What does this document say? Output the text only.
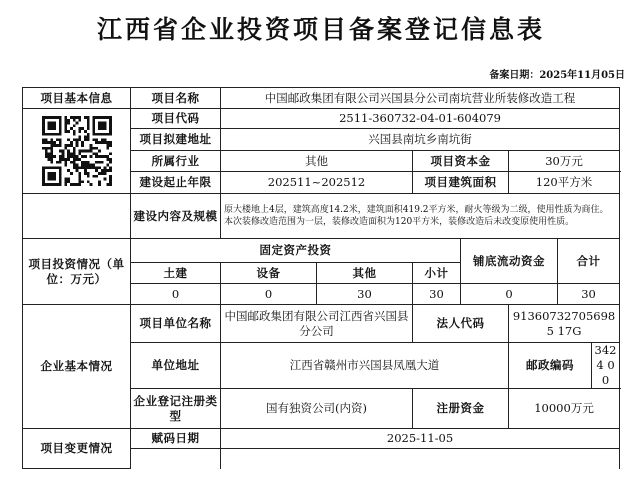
江西省企业投资项目备案登记信息表
备案日期：2025年11月05日
项目基本信息	项目名称	中国邮政集团有限公司兴国县分公司南坑营业所装修改造工程						
	项目代码	2511-360732-04-01-604079						
	项目拟建地址	兴国县南坑乡南坑街						
	所属行业	其他		项目资本金		30万元		
	建设起止年限	202511~202512		项目建筑面积		120平方米		
	建设内容及规模	原大楼地上4层，建筑高度14.2米，建筑面积419.2平方米，耐火等级为二级，使用性质为商住。本次装修改造范围为一层，装修改造面积为120平方米，装修改造后未改变原使用性质。						
项目投资情况（单位：万元）	固定资产投资				铺底流动资金		合计	
	土建	设备	其他	小计				
	0	0	30	30	0		30	
企业基本情况	项目单位名称	中国邮政集团有限公司江西省兴国县分公司		法人代码		913607327056985 17G		
	单位地址	江西省赣州市兴国县凤凰大道				邮政编码		3424 00
	企业登记注册类型	国有独资公司(内资)		注册资金		10000万元		
项目变更情况	赋码日期	2025-11-05						
